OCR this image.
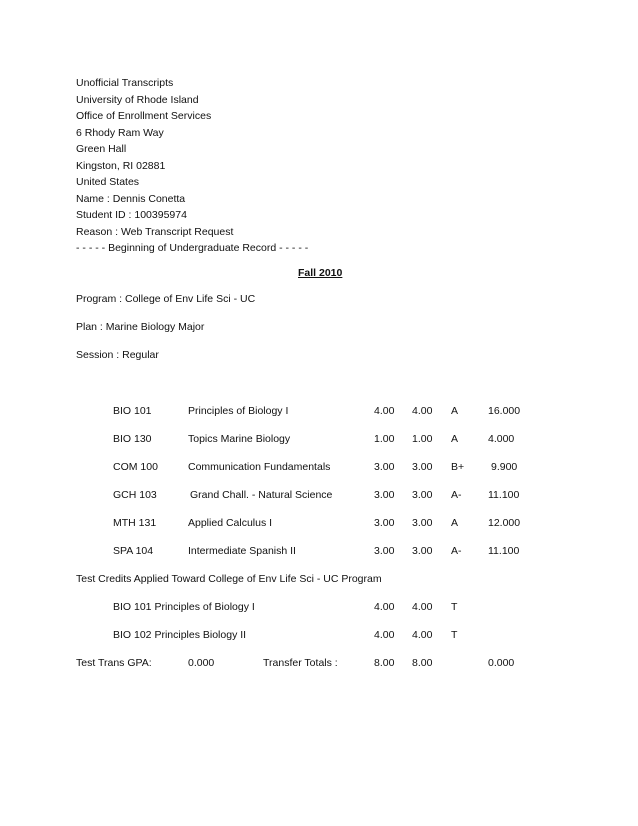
Unofficial Transcripts
University of Rhode Island
Office of Enrollment Services
6 Rhody Ram Way
Green Hall
Kingston, RI 02881
United States
Name : Dennis Conetta
Student ID : 100395974
Reason : Web Transcript Request
- - - - - Beginning of Undergraduate Record - - - - -
Fall 2010
Program : College of Env Life Sci - UC
Plan : Marine Biology Major
Session : Regular
BIO 101	Principles of Biology I	4.00 4.00 A	16.000
BIO 130	Topics Marine Biology	1.00 1.00 A	4.000
COM 100	Communication Fundamentals	3.00 3.00 B+	9.900
GCH 103	Grand Chall. - Natural Science	3.00 3.00 A-	11.100
MTH 131	Applied Calculus I	3.00 3.00 A	12.000
SPA 104	Intermediate Spanish II	3.00 3.00 A-	11.100
Test Credits Applied Toward College of Env Life Sci - UC Program
BIO 101 Principles of Biology I	4.00 4.00 T
BIO 102 Principles Biology II	4.00 4.00 T
Test Trans GPA:	0.000	Transfer Totals :	8.00 8.00	0.000
